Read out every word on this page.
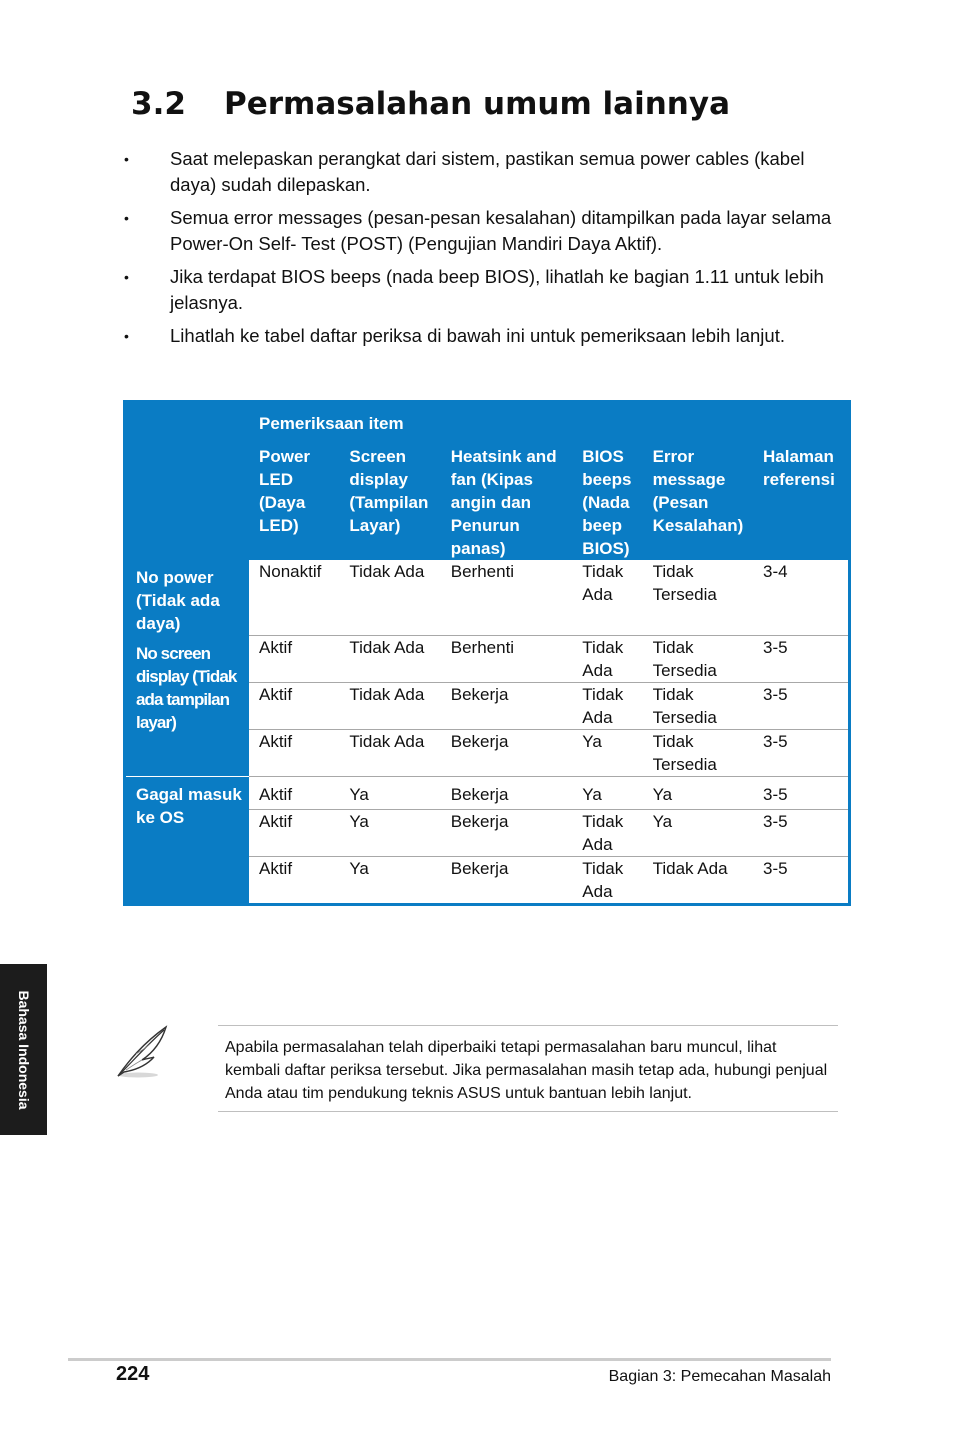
3.2 Permasalahan umum lainnya
• Saat melepaskan perangkat dari sistem, pastikan semua power cables (kabel daya) sudah dilepaskan.
• Semua error messages (pesan-pesan kesalahan) ditampilkan pada layar selama Power-On Self- Test (POST) (Pengujian Mandiri Daya Aktif).
• Jika terdapat BIOS beeps (nada beep BIOS), lihatlah ke bagian 1.11 untuk lebih jelasnya.
• Lihatlah ke tabel daftar periksa di bawah ini untuk pemeriksaan lebih lanjut.
	Pemeriksaan item					
	Power LED (Daya LED)	Screen display (Tampilan Layar)	Heatsink and fan (Kipas angin dan Penurun panas)	BIOS beeps (Nada beep BIOS)	Error message (Pesan Kesalahan)	Halaman referensi
No power (Tidak ada daya)	Nonaktif	Tidak Ada	Berhenti	Tidak Ada	Tidak Tersedia	3-4
No screen display (Tidak ada tampilan layar)	Aktif	Tidak Ada	Berhenti	Tidak Ada	Tidak Tersedia	3-5
	Aktif	Tidak Ada	Bekerja	Tidak Ada	Tidak Tersedia	3-5
	Aktif	Tidak Ada	Bekerja	Ya	Tidak Tersedia	3-5
Gagal masuk ke OS	Aktif	Ya	Bekerja	Ya	Ya	3-5
	Aktif	Ya	Bekerja	Tidak Ada	Ya	3-5
	Aktif	Ya	Bekerja	Tidak Ada	Tidak Ada	3-5
Apabila permasalahan telah diperbaiki tetapi permasalahan baru muncul, lihat kembali daftar periksa tersebut. Jika permasalahan masih tetap ada, hubungi penjual Anda atau tim pendukung teknis ASUS untuk bantuan lebih lanjut.
Bahasa Indonesia
224	Bagian 3: Pemecahan Masalah
